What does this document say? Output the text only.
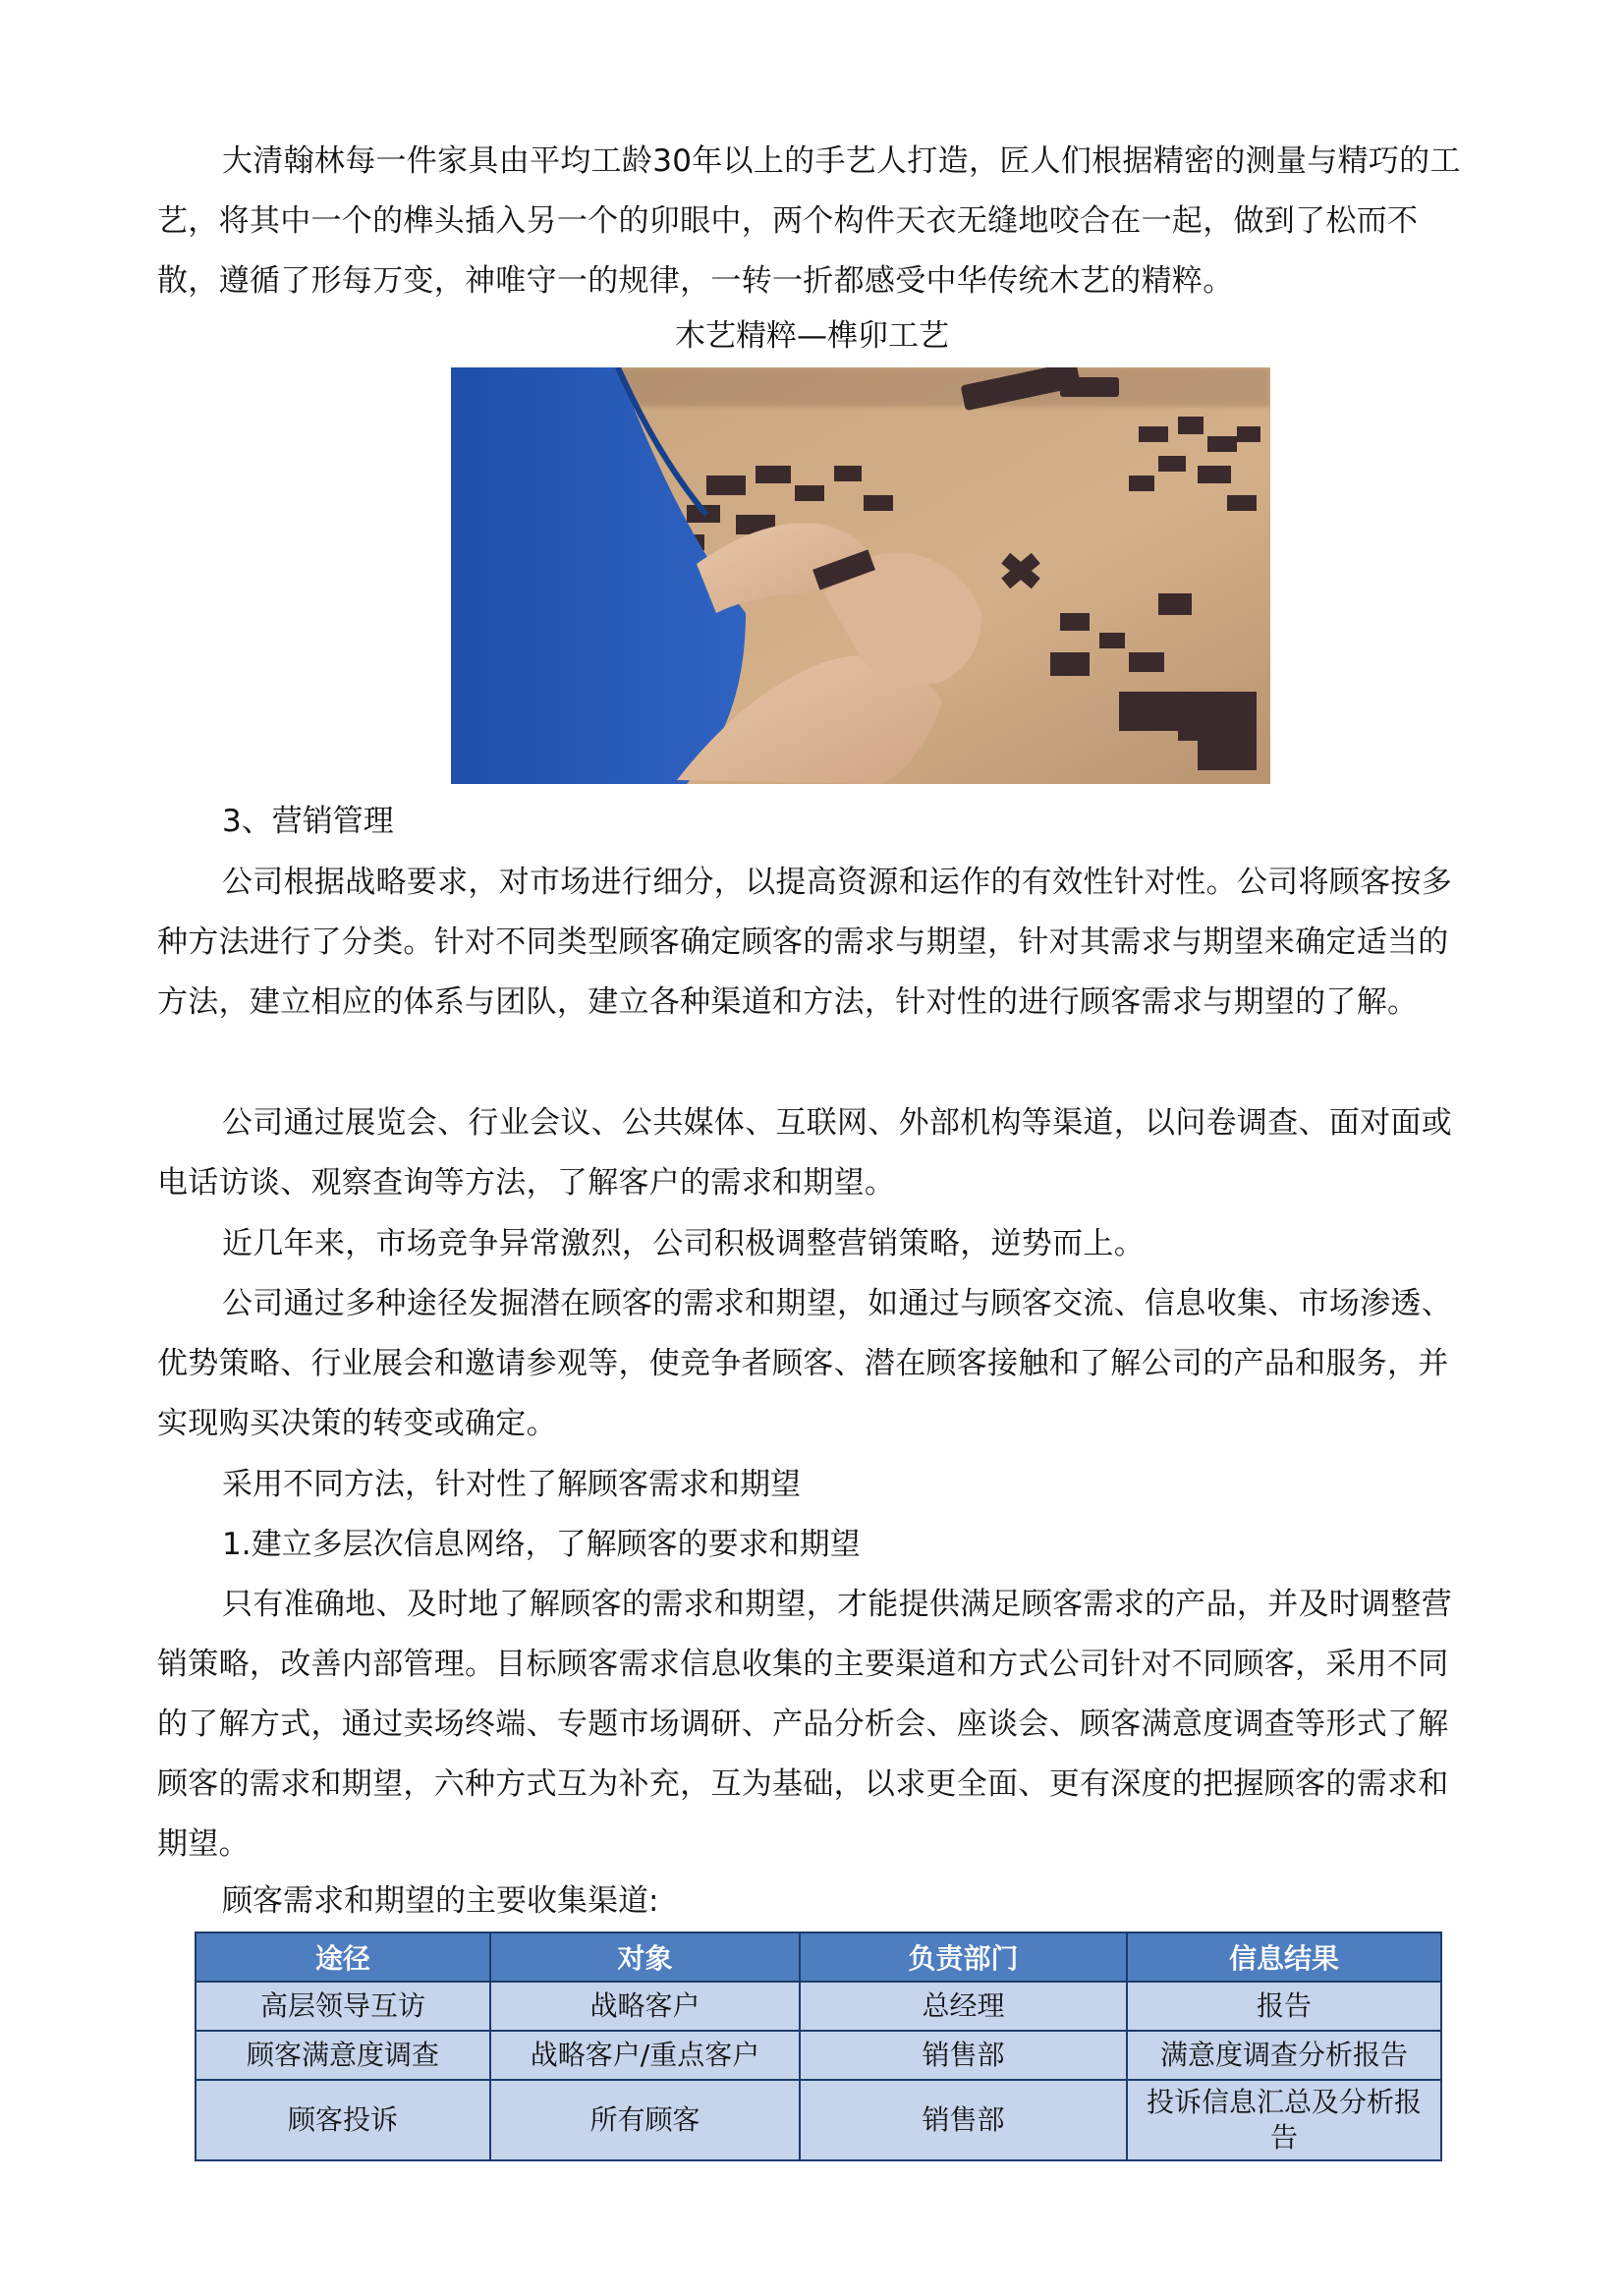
大清翰林每一件家具由平均工龄30年以上的手艺人打造，匠人们根据精密的测量与精巧的工艺，将其中一个的榫头插入另一个的卯眼中，两个构件天衣无缝地咬合在一起，做到了松而不散，遵循了形每万变，神唯守一的规律，一转一折都感受中华传统木艺的精粹。

木艺精粹—榫卯工艺

3、营销管理

公司根据战略要求，对市场进行细分，以提高资源和运作的有效性针对性。公司将顾客按多种方法进行了分类。针对不同类型顾客确定顾客的需求与期望，针对其需求与期望来确定适当的方法，建立相应的体系与团队，建立各种渠道和方法，针对性的进行顾客需求与期望的了解。

公司通过展览会、行业会议、公共媒体、互联网、外部机构等渠道，以问卷调查、面对面或电话访谈、观察查询等方法，了解客户的需求和期望。

近几年来，市场竞争异常激烈，公司积极调整营销策略，逆势而上。

公司通过多种途径发掘潜在顾客的需求和期望，如通过与顾客交流、信息收集、市场渗透、优势策略、行业展会和邀请参观等，使竞争者顾客、潜在顾客接触和了解公司的产品和服务，并实现购买决策的转变或确定。

采用不同方法，针对性了解顾客需求和期望

1.建立多层次信息网络，了解顾客的要求和期望

只有准确地、及时地了解顾客的需求和期望，才能提供满足顾客需求的产品，并及时调整营销策略，改善内部管理。目标顾客需求信息收集的主要渠道和方式公司针对不同顾客，采用不同的了解方式，通过卖场终端、专题市场调研、产品分析会、座谈会、顾客满意度调查等形式了解顾客的需求和期望，六种方式互为补充，互为基础，以求更全面、更有深度的把握顾客的需求和期望。

顾客需求和期望的主要收集渠道:

途径	对象	负责部门	信息结果
高层领导互访	战略客户	总经理	报告
顾客满意度调查	战略客户/重点客户	销售部	满意度调查分析报告
顾客投诉	所有顾客	销售部	投诉信息汇总及分析报告
